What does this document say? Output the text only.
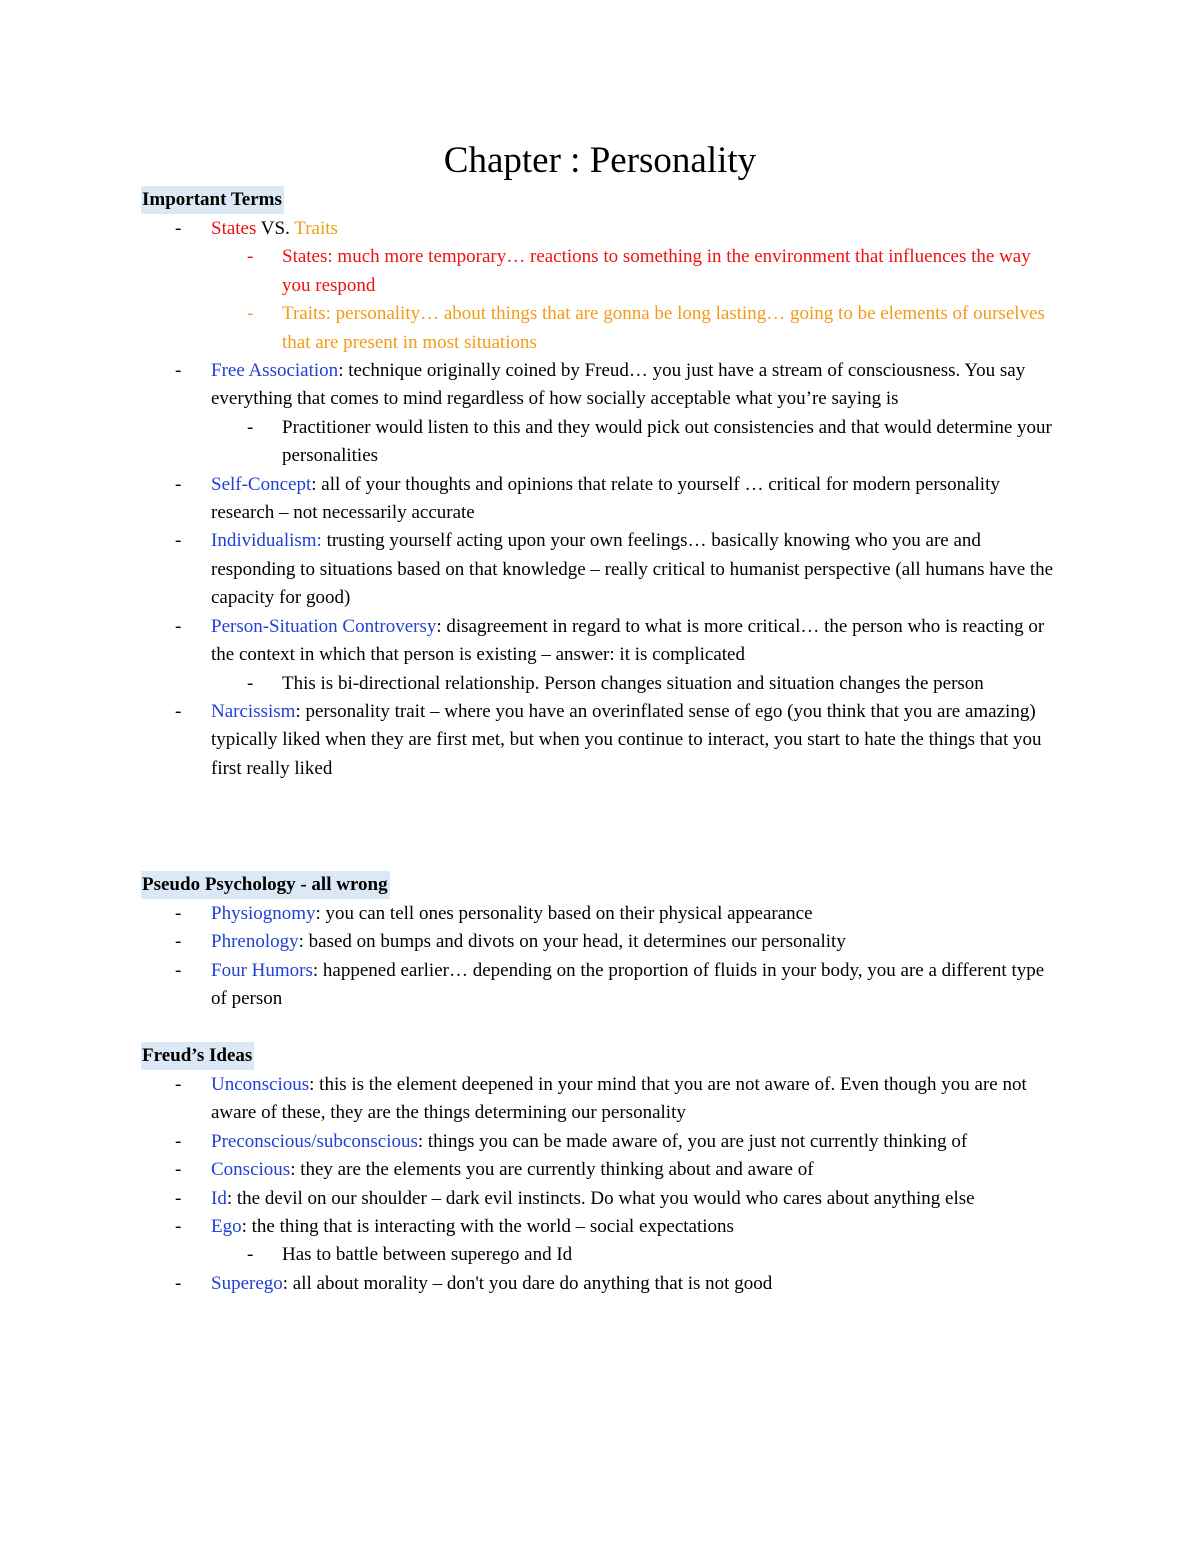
Chapter : Personality
Important Terms
- States VS. Traits
- States: much more temporary… reactions to something in the environment that influences the way you respond
- Traits: personality… about things that are gonna be long lasting… going to be elements of ourselves that are present in most situations
- Free Association: technique originally coined by Freud… you just have a stream of consciousness. You say everything that comes to mind regardless of how socially acceptable what you’re saying is
- Practitioner would listen to this and they would pick out consistencies and that would determine your personalities
- Self-Concept: all of your thoughts and opinions that relate to yourself … critical for modern personality research – not necessarily accurate
- Individualism: trusting yourself acting upon your own feelings… basically knowing who you are and responding to situations based on that knowledge – really critical to humanist perspective (all humans have the capacity for good)
- Person-Situation Controversy: disagreement in regard to what is more critical… the person who is reacting or the context in which that person is existing – answer: it is complicated
- This is bi-directional relationship. Person changes situation and situation changes the person
- Narcissism: personality trait – where you have an overinflated sense of ego (you think that you are amazing) typically liked when they are first met, but when you continue to interact, you start to hate the things that you first really liked
Pseudo Psychology - all wrong
- Physiognomy: you can tell ones personality based on their physical appearance
- Phrenology: based on bumps and divots on your head, it determines our personality
- Four Humors: happened earlier… depending on the proportion of fluids in your body, you are a different type of person
Freud’s Ideas
- Unconscious: this is the element deepened in your mind that you are not aware of. Even though you are not aware of these, they are the things determining our personality
- Preconscious/subconscious: things you can be made aware of, you are just not currently thinking of
- Conscious: they are the elements you are currently thinking about and aware of
- Id: the devil on our shoulder – dark evil instincts. Do what you would who cares about anything else
- Ego: the thing that is interacting with the world – social expectations
- Has to battle between superego and Id
- Superego: all about morality – don't you dare do anything that is not good
